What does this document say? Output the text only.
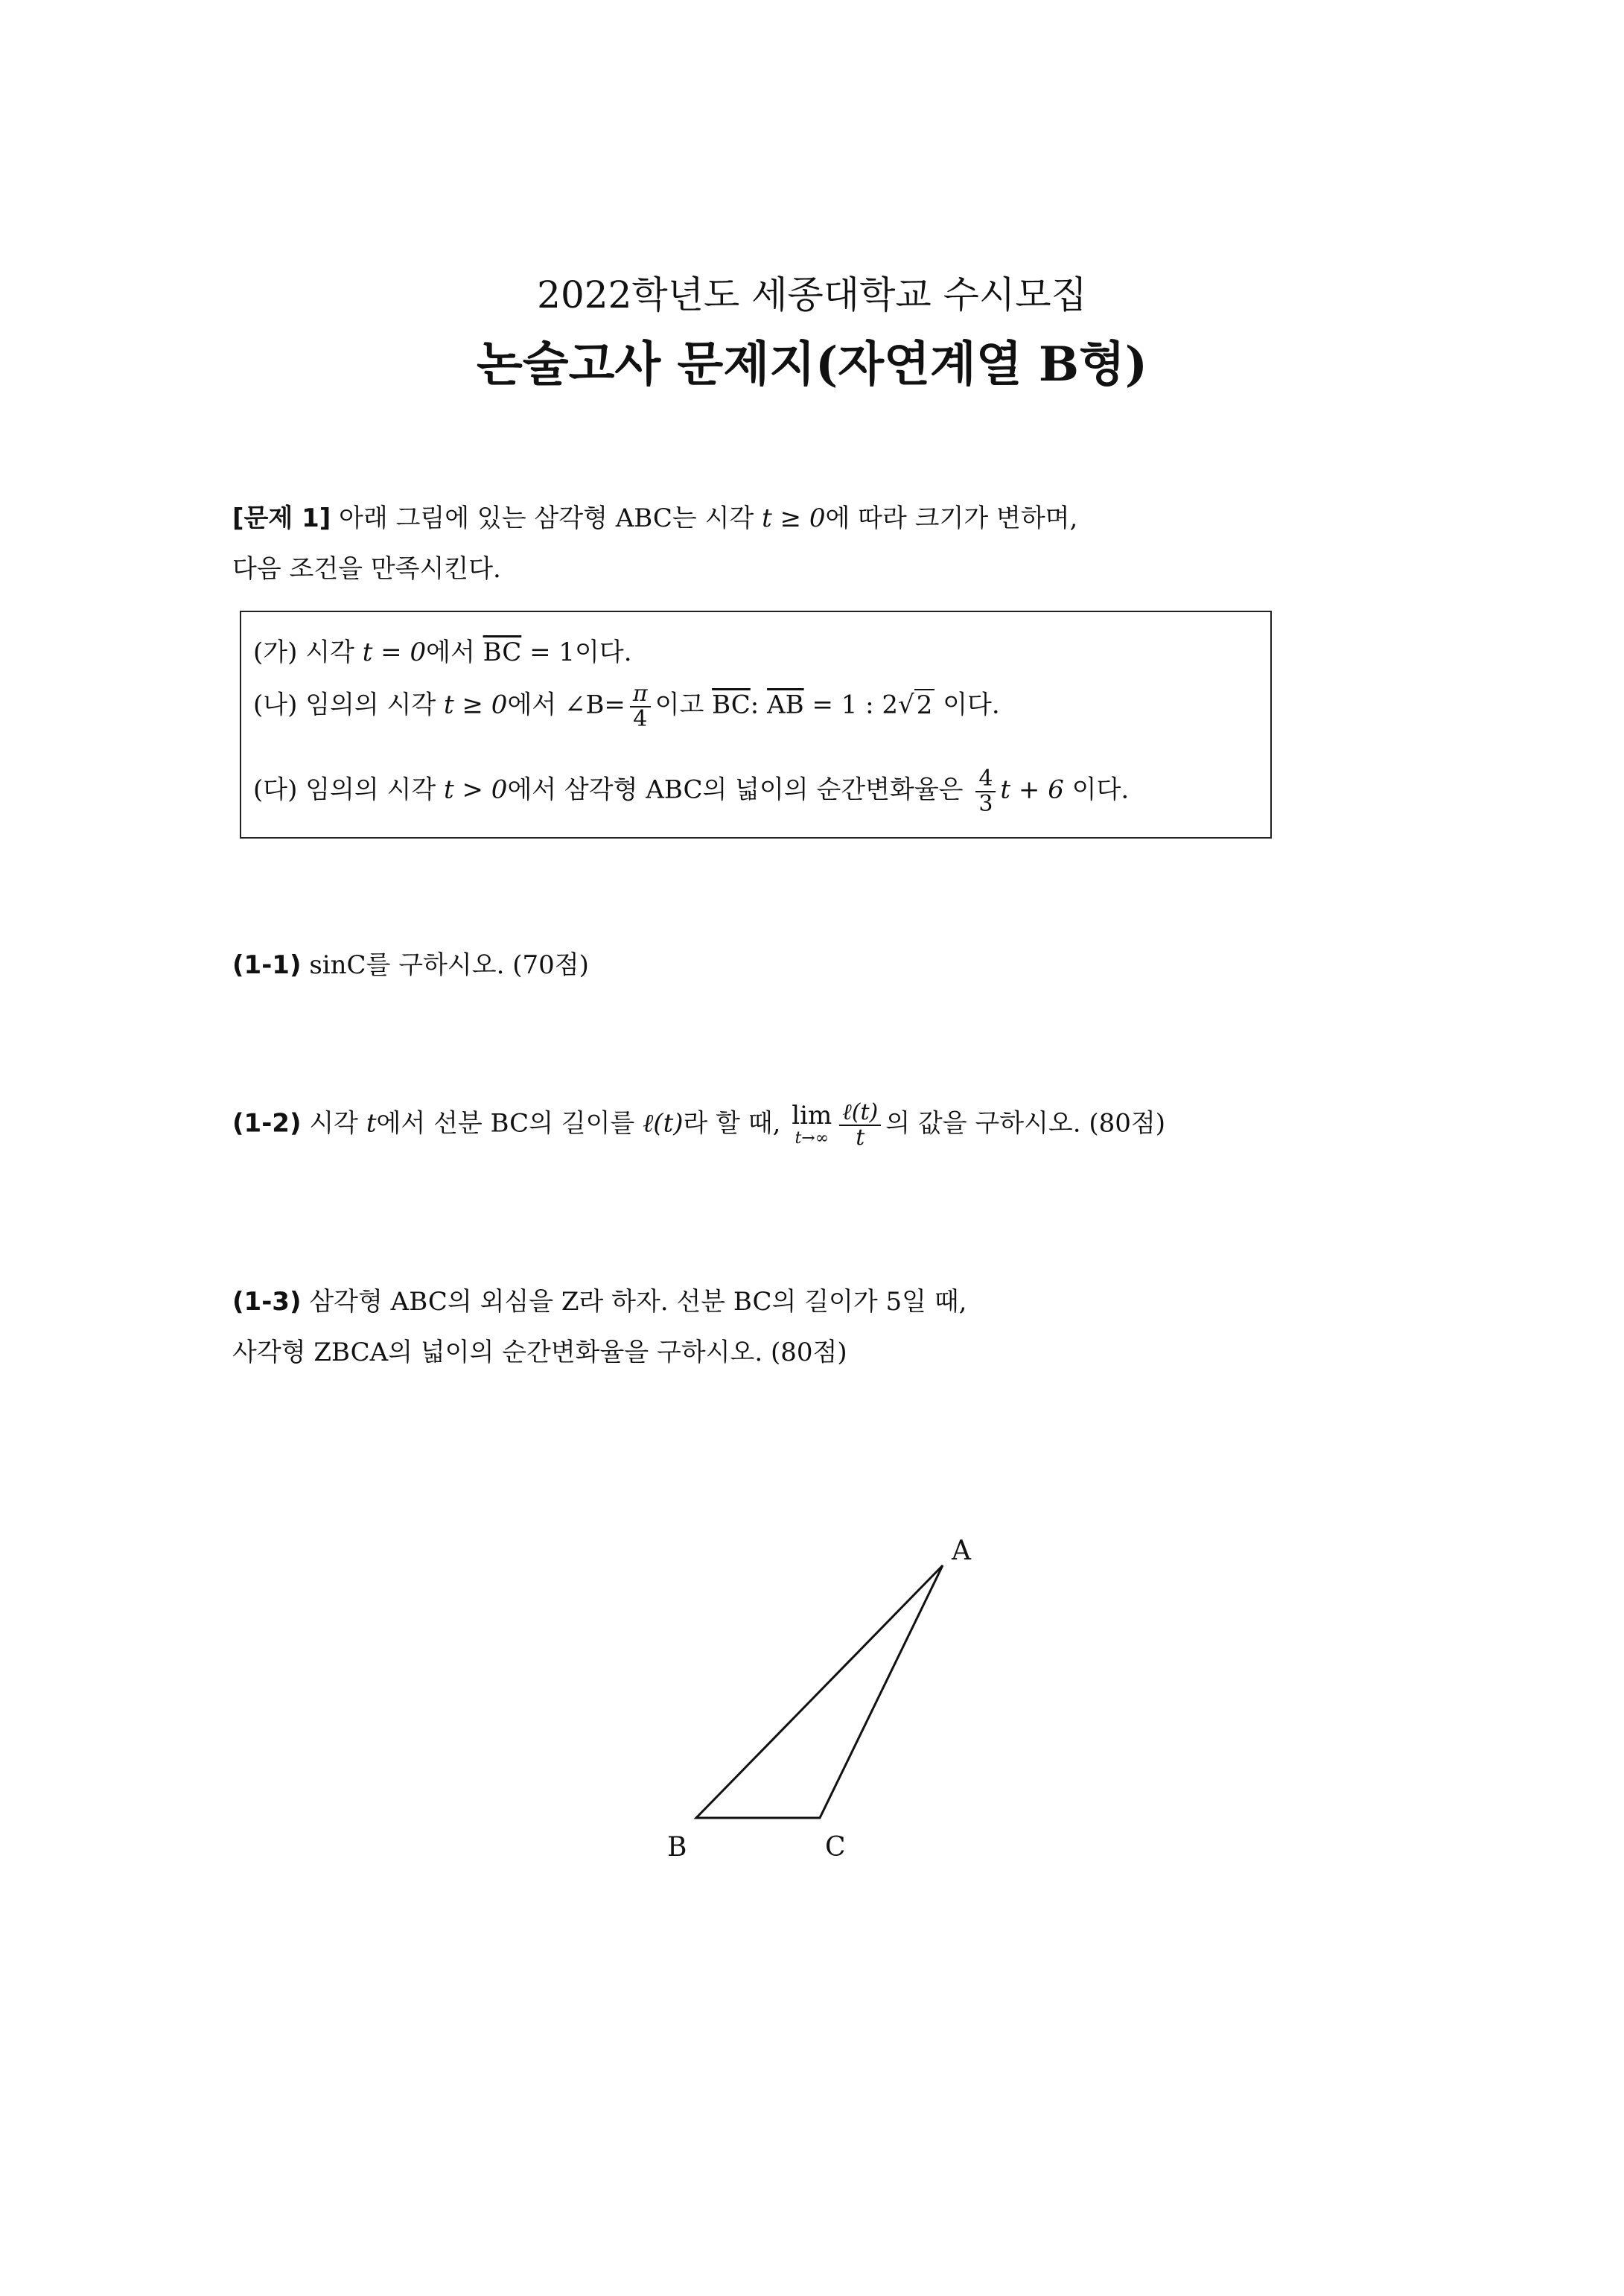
2022학년도 세종대학교 수시모집
논술고사 문제지(자연계열 B형)
[문제 1] 아래 그림에 있는 삼각형 ABC는 시각 t ≥ 0에 따라 크기가 변하며,
다음 조건을 만족시킨다.
(가) 시각 t = 0에서 $\overline{BC} = 1$이다.
(나) 임의의 시각 t ≥ 0에서 ∠B= $\frac{\pi}{4}$ 이고 $\overline{BC}$: $\overline{AB} = 1$ : 2√2 이다.
(다) 임의의 시각 t > 0에서 삼각형 ABC의 넓이의 순간변화율은 $\frac{4}{3}$ t + 6 이다.
(1-1) sinC를 구하시오. (70점)
(1-2) 시각 t에서 선분 BC의 길이를 ℓ(t)라 할 때, lim
$t\to\infty \frac{\text{ℓ(t)}}{t}$ 의 값을 구하시오. (80점)
(1-3) 삼각형 ABC의 외심을 Z라 하자. 선분 BC의 길이가 5일 때,
사각형 ZBCA의 넓이의 순간변화율을 구하시오. (80점)
A
B	C
